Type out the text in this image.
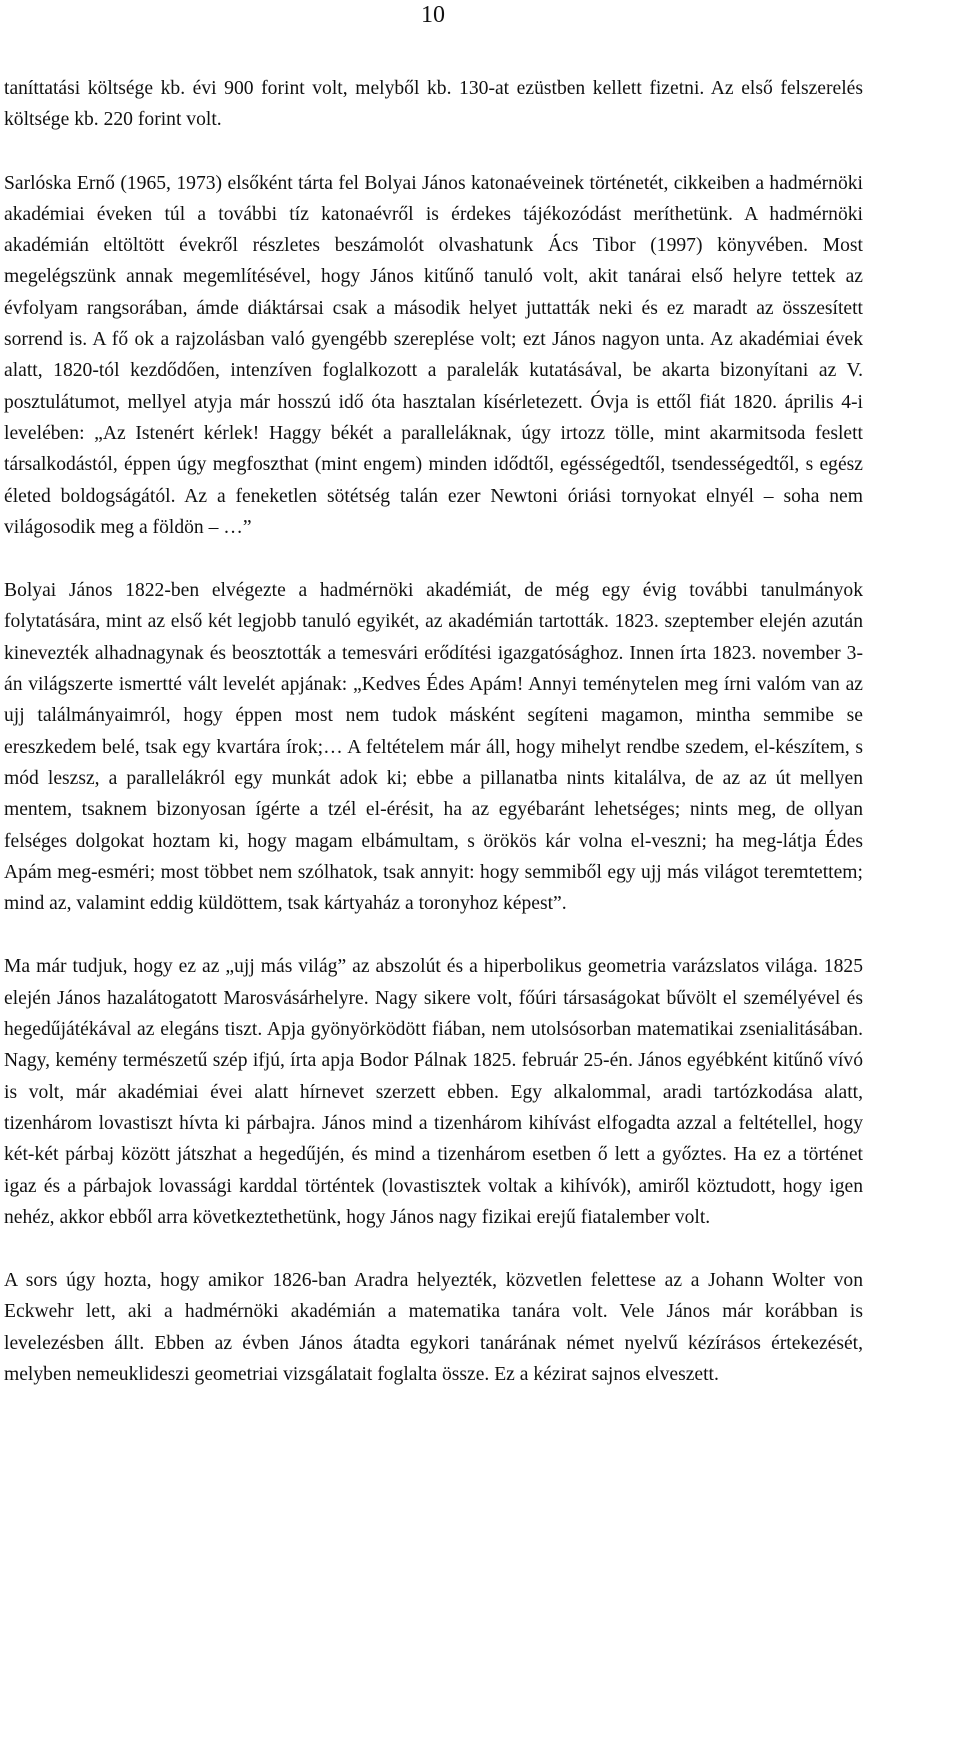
10

taníttatási költsége kb. évi 900 forint volt, melyből kb. 130-at ezüstben kellett fizetni. Az első felszerelés költsége kb. 220 forint volt.

Sarlóska Ernő (1965, 1973) elsőként tárta fel Bolyai János katonaéveinek történetét, cikkeiben a hadmérnöki akadémiai éveken túl a további tíz katonaévről is érdekes tájékozódást meríthetünk. A hadmérnöki akadémián eltöltött évekről részletes beszámolót olvashatunk Ács Tibor (1997) könyvében. Most megelégszünk annak megemlítésével, hogy János kitűnő tanuló volt, akit tanárai első helyre tettek az évfolyam rangsorában, ámde diáktársai csak a második helyet juttatták neki és ez maradt az összesített sorrend is. A fő ok a rajzolásban való gyengébb szereplése volt; ezt János nagyon unta. Az akadémiai évek alatt, 1820-tól kezdődően, intenzíven foglalkozott a paralelák kutatásával, be akarta bizonyítani az V. posztulátumot, mellyel atyja már hosszú idő óta hasztalan kísérletezett. Óvja is ettől fiát 1820. április 4-i levelében: „Az Istenért kérlek! Haggy békét a paralleláknak, úgy irtozz tölle, mint akarmitsoda feslett társalkodástól, éppen úgy megfoszthat (mint engem) minden idődtől, egésségedtől, tsendességedtől, s egész életed boldogságától. Az a feneketlen sötétség talán ezer Newtoni óriási tornyokat elnyél – soha nem világosodik meg a földön – …”

Bolyai János 1822-ben elvégezte a hadmérnöki akadémiát, de még egy évig további tanulmányok folytatására, mint az első két legjobb tanuló egyikét, az akadémián tartották. 1823. szeptember elején azután kinevezték alhadnagynak és beosztották a temesvári erődítési igazgatósághoz. Innen írta 1823. november 3-án világszerte ismertté vált levelét apjának: „Kedves Édes Apám! Annyi teménytelen meg írni valóm van az ujj találmányaimról, hogy éppen most nem tudok másként segíteni magamon, mintha semmibe se ereszkedem belé, tsak egy kvartára írok;… A feltételem már áll, hogy mihelyt rendbe szedem, el-készítem, s mód leszsz, a parallelákról egy munkát adok ki; ebbe a pillanatba nints kitalálva, de az az út mellyen mentem, tsaknem bizonyosan ígérte a tzél el-érésit, ha az egyébaránt lehetséges; nints meg, de ollyan felséges dolgokat hoztam ki, hogy magam elbámultam, s örökös kár volna el-veszni; ha meg-látja Édes Apám meg-esméri; most többet nem szólhatok, tsak annyit: hogy semmiből egy ujj más világot teremtettem; mind az, valamint eddig küldöttem, tsak kártyaház a toronyhoz képest”.

Ma már tudjuk, hogy ez az „ujj más világ” az abszolút és a hiperbolikus geometria varázslatos világa. 1825 elején János hazalátogatott Marosvásárhelyre. Nagy sikere volt, főúri társaságokat bűvölt el személyével és hegedűjátékával az elegáns tiszt. Apja gyönyörködött fiában, nem utolsósorban matematikai zsenialitásában. Nagy, kemény természetű szép ifjú, írta apja Bodor Pálnak 1825. február 25-én. János egyébként kitűnő vívó is volt, már akadémiai évei alatt hírnevet szerzett ebben. Egy alkalommal, aradi tartózkodása alatt, tizenhárom lovastiszt hívta ki párbajra. János mind a tizenhárom kihívást elfogadta azzal a feltétellel, hogy két-két párbaj között játszhat a hegedűjén, és mind a tizenhárom esetben ő lett a győztes. Ha ez a történet igaz és a párbajok lovassági karddal történtek (lovastisztek voltak a kihívók), amiről köztudott, hogy igen nehéz, akkor ebből arra következtethetünk, hogy János nagy fizikai erejű fiatalember volt.

A sors úgy hozta, hogy amikor 1826-ban Aradra helyezték, közvetlen felettese az a Johann Wolter von Eckwehr lett, aki a hadmérnöki akadémián a matematika tanára volt. Vele János már korábban is levelezésben állt. Ebben az évben János átadta egykori tanárának német nyelvű kézírásos értekezését, melyben nemeuklideszi geometriai vizsgálatait foglalta össze. Ez a kézirat sajnos elveszett.
